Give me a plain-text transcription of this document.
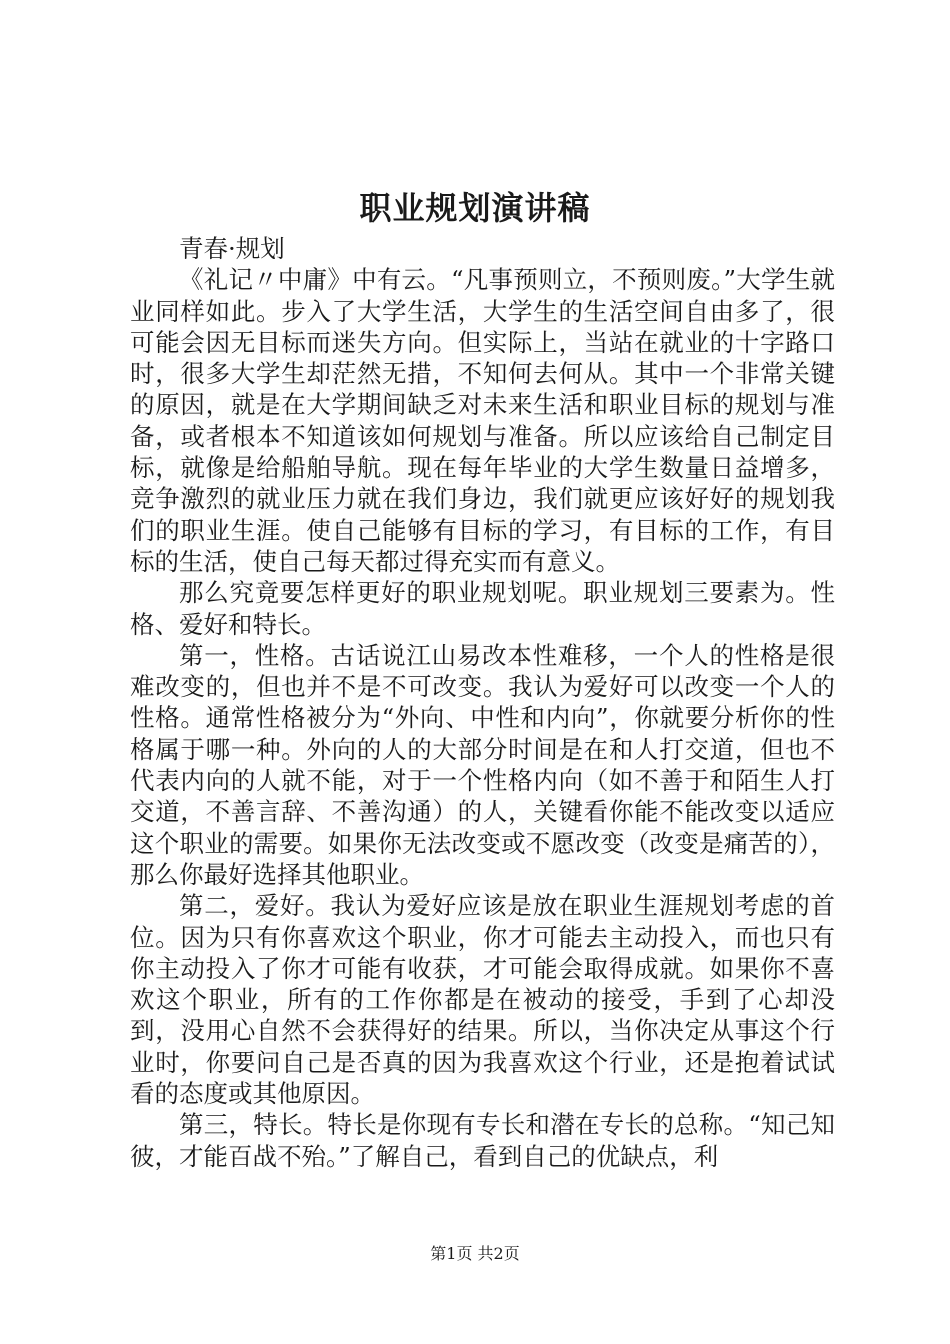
职业规划演讲稿

青春·规划

《礼记〃中庸》中有云。“凡事预则立，不预则废。”大学生就业同样如此。步入了大学生活，大学生的生活空间自由多了，很可能会因无目标而迷失方向。但实际上，当站在就业的十字路口时，很多大学生却茫然无措，不知何去何从。其中一个非常关键的原因，就是在大学期间缺乏对未来生活和职业目标的规划与准备，或者根本不知道该如何规划与准备。所以应该给自己制定目标，就像是给船舶导航。现在每年毕业的大学生数量日益增多，竞争激烈的就业压力就在我们身边，我们就更应该好好的规划我们的职业生涯。使自己能够有目标的学习，有目标的工作，有目标的生活，使自己每天都过得充实而有意义。

那么究竟要怎样更好的职业规划呢。职业规划三要素为。性格、爱好和特长。

第一，性格。古话说江山易改本性难移，一个人的性格是很难改变的，但也并不是不可改变。我认为爱好可以改变一个人的性格。通常性格被分为“外向、中性和内向”，你就要分析你的性格属于哪一种。外向的人的大部分时间是在和人打交道，但也不代表内向的人就不能，对于一个性格内向（如不善于和陌生人打交道，不善言辞、不善沟通）的人，关键看你能不能改变以适应这个职业的需要。如果你无法改变或不愿改变（改变是痛苦的），那么你最好选择其他职业。

第二，爱好。我认为爱好应该是放在职业生涯规划考虑的首位。因为只有你喜欢这个职业，你才可能去主动投入，而也只有你主动投入了你才可能有收获，才可能会取得成就。如果你不喜欢这个职业，所有的工作你都是在被动的接受，手到了心却没到，没用心自然不会获得好的结果。所以，当你决定从事这个行业时，你要问自己是否真的因为我喜欢这个行业，还是抱着试试看的态度或其他原因。

第三，特长。特长是你现有专长和潜在专长的总称。“知己知彼，才能百战不殆。”了解自己，看到自己的优缺点，利

第1页 共2页
